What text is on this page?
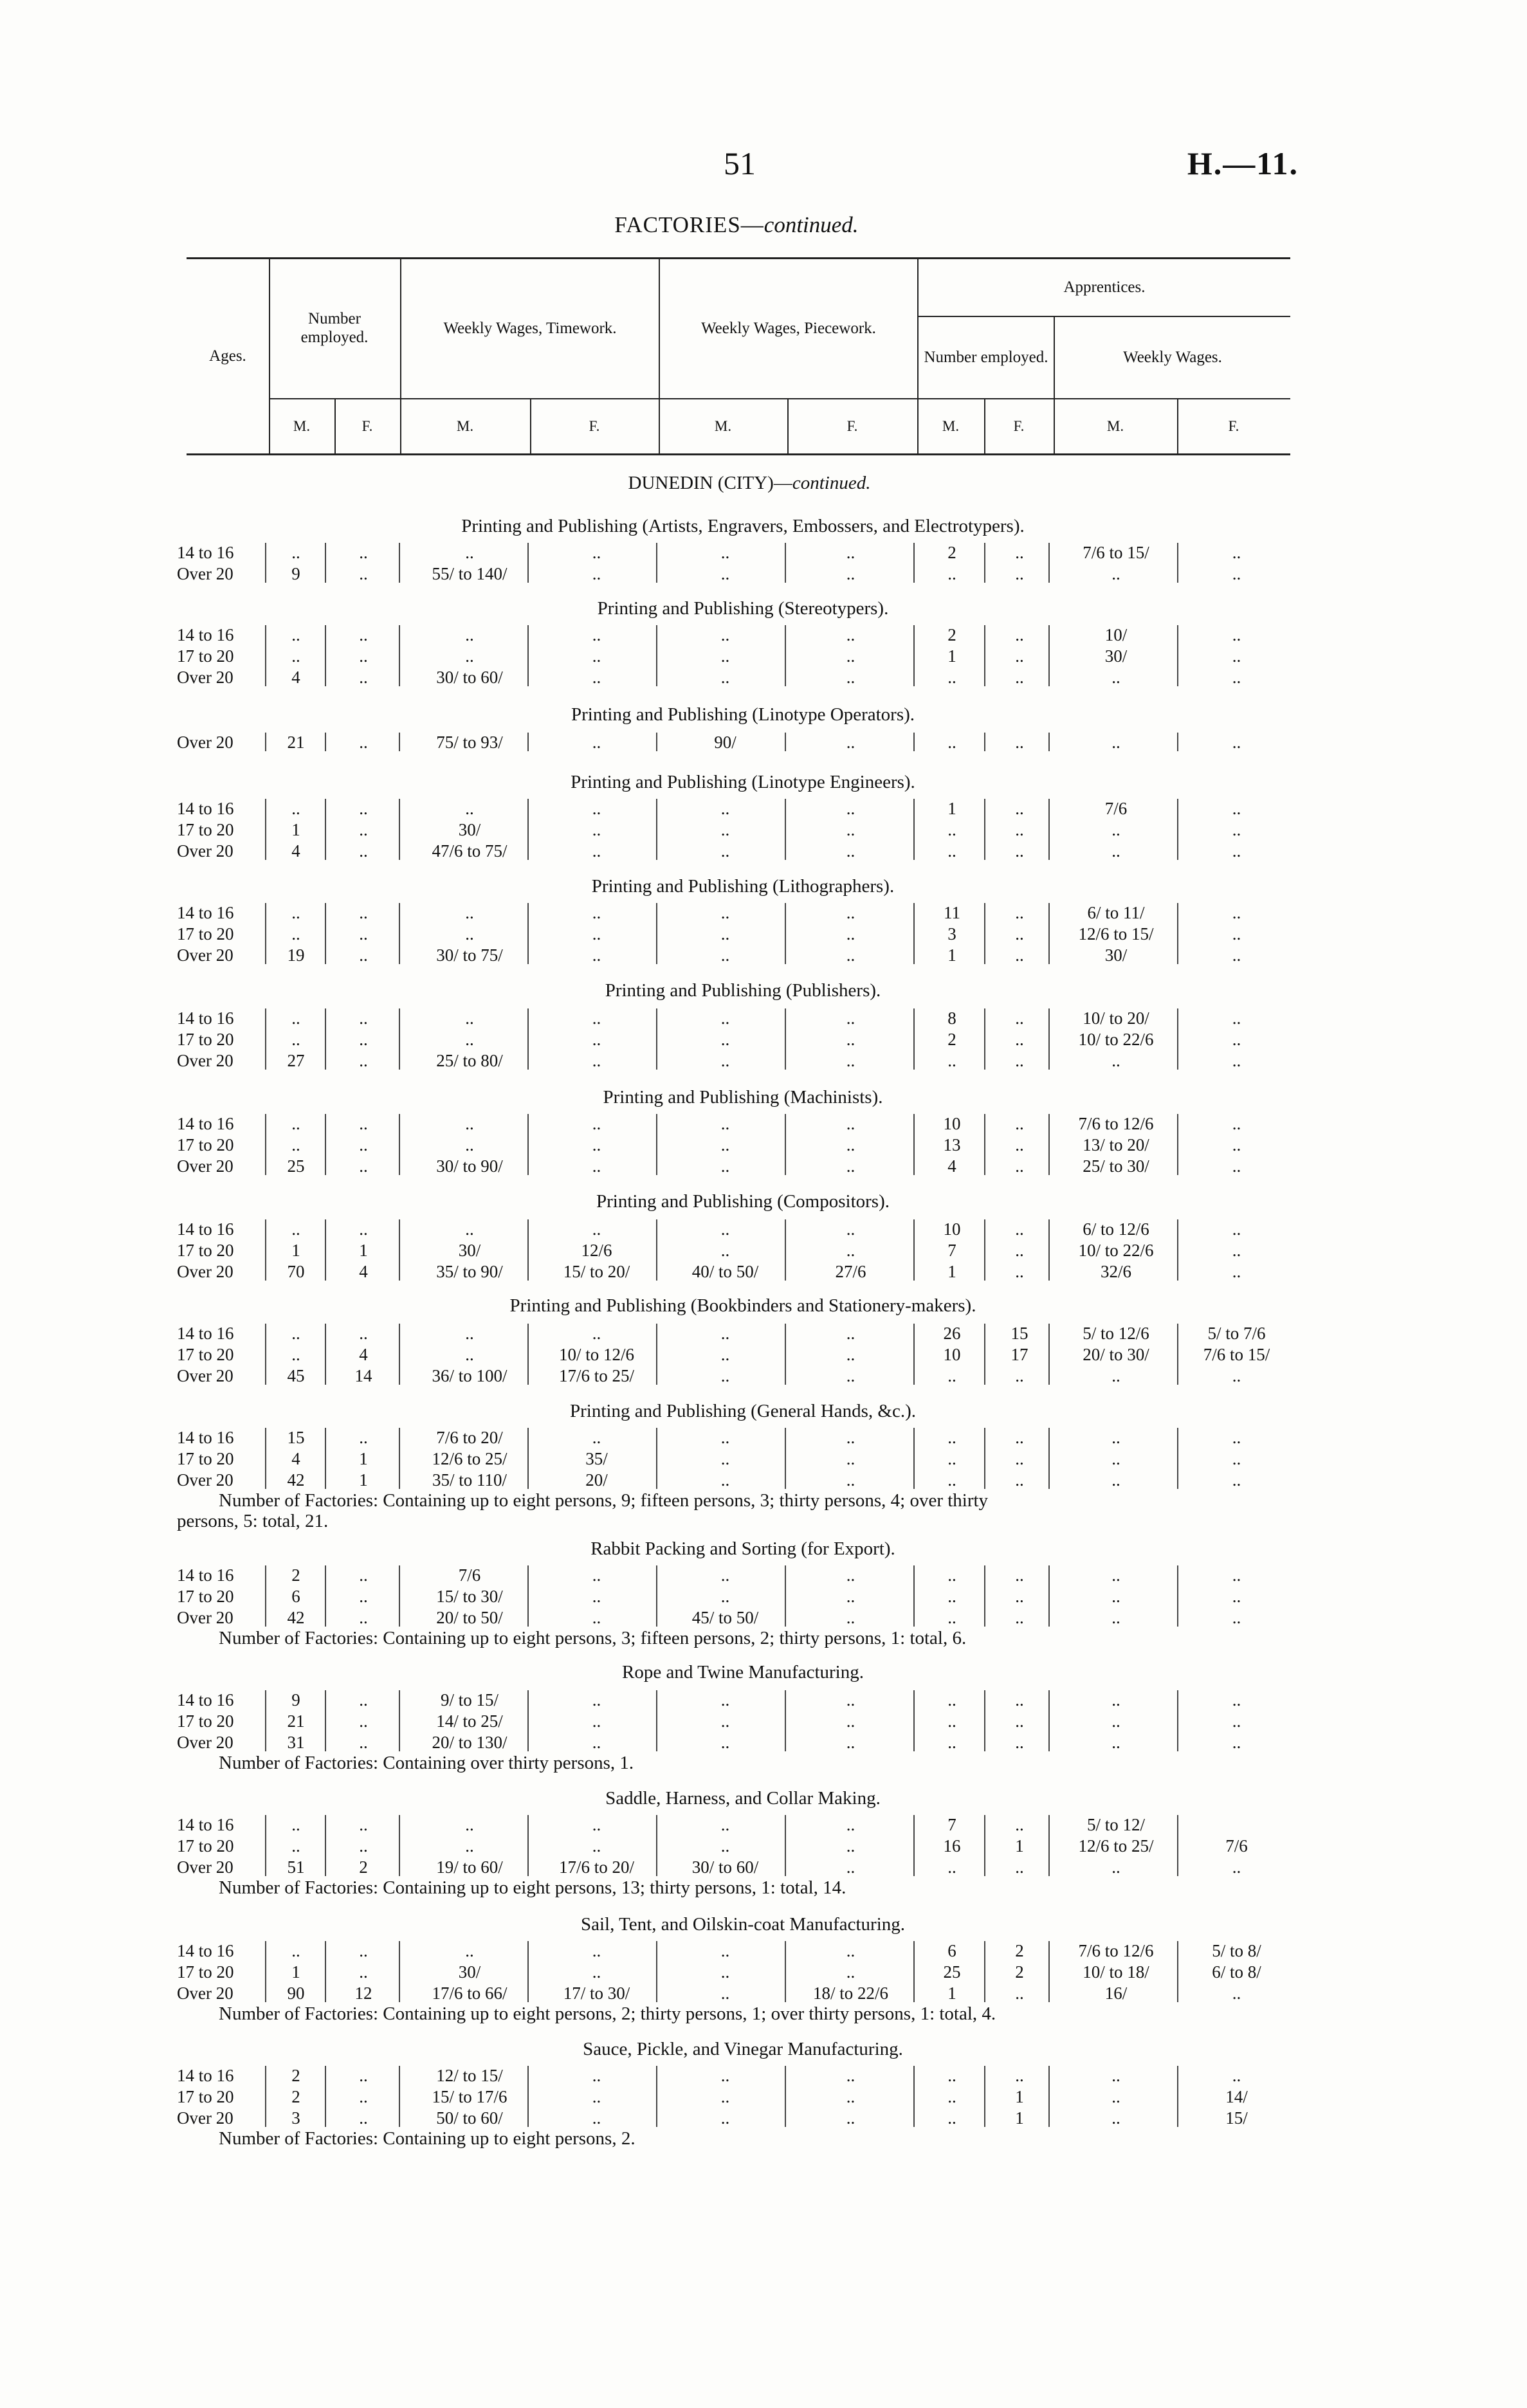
51	H.—11.
FACTORIES—continued.
Ages.
Number employed.
Weekly Wages, Timework.	Weekly Wages, Piecework.
Apprentices.
Number employed.	Weekly Wages.
M.	F.	M.	F.	M.	F.	M.	F.	M.	F.
DUNEDIN (CITY)—continued.
Printing and Publishing (Artists, Engravers, Embossers, and Electrotypers).
14 to 16	..	..	..	..	..	..	2	..	7/6 to 15/	..
Over 20	9	..	55/ to 140/	..	..	..	..	..	..	..
Printing and Publishing (Stereotypers).
14 to 16	..	..	..	..	..	..	2	..	10/	..
17 to 20	..	..	..	..	..	..	1	..	30/	..
Over 20	4	..	30/ to 60/	..	..	..	..	..	..	..
Printing and Publishing (Linotype Operators).
Over 20	21	..	75/ to 93/	..	90/	..	..	..	..	..
Printing and Publishing (Linotype Engineers).
14 to 16	..	..	..	..	..	..	1	..	7/6	..
17 to 20	1	..	30/	..	..	..	..	..	..	..
Over 20	4	..	47/6 to 75/	..	..	..	..	..	..	..
Printing and Publishing (Lithographers).
14 to 16	..	..	..	..	..	..	11	..	6/ to 11/	..
17 to 20	..	..	..	..	..	..	3	..	12/6 to 15/	..
Over 20	19	..	30/ to 75/	..	..	..	1	..	30/	..
Printing and Publishing (Publishers).
14 to 16	..	..	..	..	..	..	8	..	10/ to 20/	..
17 to 20	..	..	..	..	..	..	2	..	10/ to 22/6	..
Over 20	27	..	25/ to 80/	..	..	..	..	..	..	..
Printing and Publishing (Machinists).
14 to 16	..	..	..	..	..	..	10	..	7/6 to 12/6	..
17 to 20	..	..	..	..	..	..	13	..	13/ to 20/	..
Over 20	25	..	30/ to 90/	..	..	..	4	..	25/ to 30/	..
Printing and Publishing (Compositors).
14 to 16	..	..	..	..	..	..	10	..	6/ to 12/6	..
17 to 20	1	1	30/	12/6	..	..	7	..	10/ to 22/6	..
Over 20	70	4	35/ to 90/	15/ to 20/	40/ to 50/	27/6	1	..	32/6	..
Printing and Publishing (Bookbinders and Stationery-makers).
14 to 16	..	..	..	..	..	..	26	15	5/ to 12/6	5/ to 7/6
17 to 20	..	4	..	10/ to 12/6	..	..	10	17	20/ to 30/	7/6 to 15/
Over 20	45	14	36/ to 100/	17/6 to 25/	..	..	..	..	..	..
Printing and Publishing (General Hands, &c.).
14 to 16	15	..	7/6 to 20/	..	..	..	..	..	..	..
17 to 20	4	1	12/6 to 25/	35/	..	..	..	..	..	..
Over 20	42	1	35/ to 110/	20/	..	..	..	..	..	..
Number of Factories: Containing up to eight persons, 9; fifteen persons, 3; thirty persons, 4; over thirty
persons, 5: total, 21.
Rabbit Packing and Sorting (for Export).
14 to 16	2	..	7/6	..	..	..	..	..	..	..
17 to 20	6	..	15/ to 30/	..	..	..	..	..	..	..
Over 20	42	..	20/ to 50/	..	45/ to 50/	..	..	..	..	..
Number of Factories: Containing up to eight persons, 3; fifteen persons, 2; thirty persons, 1: total, 6.
Rope and Twine Manufacturing.
14 to 16	9	..	9/ to 15/	..	..	..	..	..	..	..
17 to 20	21	..	14/ to 25/	..	..	..	..	..	..	..
Over 20	31	..	20/ to 130/	..	..	..	..	..	..	..
Number of Factories: Containing over thirty persons, 1.
Saddle, Harness, and Collar Making.
14 to 16	..	..	..	..	..	..	7	..	5/ to 12/
17 to 20	..	..	..	..	..	..	16	1	12/6 to 25/	7/6
Over 20	51	2	19/ to 60/	17/6 to 20/	30/ to 60/	..	..	..	..	..
Number of Factories: Containing up to eight persons, 13; thirty persons, 1: total, 14.
Sail, Tent, and Oilskin-coat Manufacturing.
14 to 16	..	..	..	..	..	..	6	2	7/6 to 12/6	5/ to 8/
17 to 20	1	..	30/	..	..	..	25	2	10/ to 18/	6/ to 8/
Over 20	90	12	17/6 to 66/	17/ to 30/	..	18/ to 22/6	1	..	16/	..
Number of Factories: Containing up to eight persons, 2; thirty persons, 1; over thirty persons, 1: total, 4.
Sauce, Pickle, and Vinegar Manufacturing.
14 to 16	2	..	12/ to 15/	..	..	..	..	..	..	..
17 to 20	2	..	15/ to 17/6	..	..	..	..	1	..	14/
Over 20	3	..	50/ to 60/	..	..	..	..	1	..	15/
Number of Factories: Containing up to eight persons, 2.
